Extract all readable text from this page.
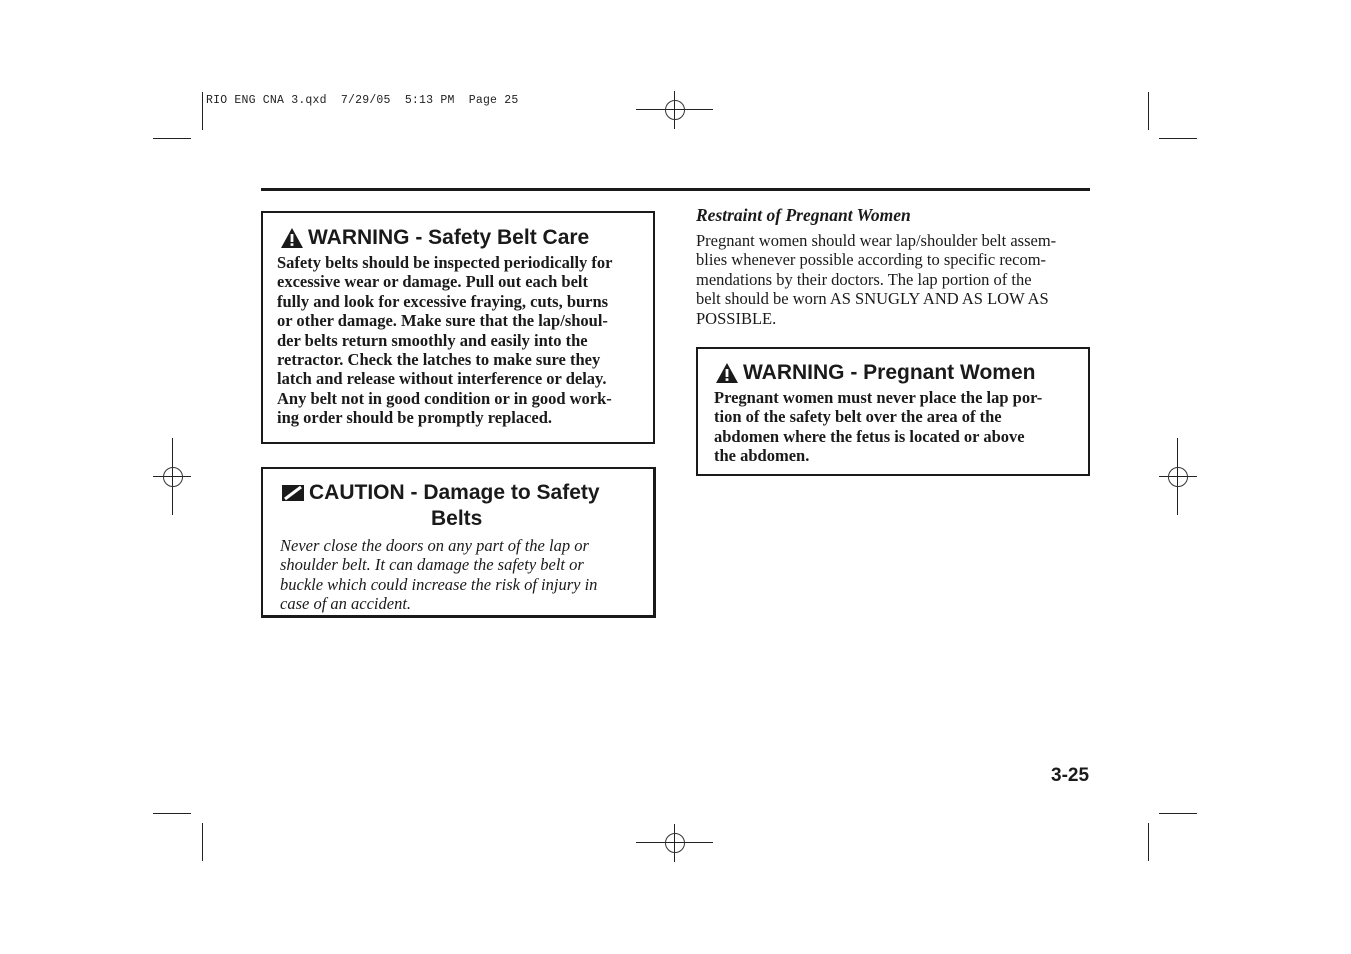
RIO ENG CNA 3.qxd  7/29/05  5:13 PM  Page 25
WARNING - Safety Belt Care
Safety belts should be inspected periodically for
excessive wear or damage. Pull out each belt
fully and look for excessive fraying, cuts, burns
or other damage. Make sure that the lap/shoul-
der belts return smoothly and easily into the
retractor. Check the latches to make sure they
latch and release without interference or delay.
Any belt not in good condition or in good work-
ing order should be promptly replaced.
CAUTION - Damage to Safety
Belts
Never close the doors on any part of the lap or
shoulder belt. It can damage the safety belt or
buckle which could increase the risk of injury in
case of an accident.
Restraint of Pregnant Women
Pregnant women should wear lap/shoulder belt assem-
blies whenever possible according to specific recom-
mendations by their doctors. The lap portion of the
belt should be worn AS SNUGLY AND AS LOW AS
POSSIBLE.
WARNING - Pregnant Women
Pregnant women must never place the lap por-
tion of the safety belt over the area of the
abdomen where the fetus is located or above
the abdomen.
3-25
